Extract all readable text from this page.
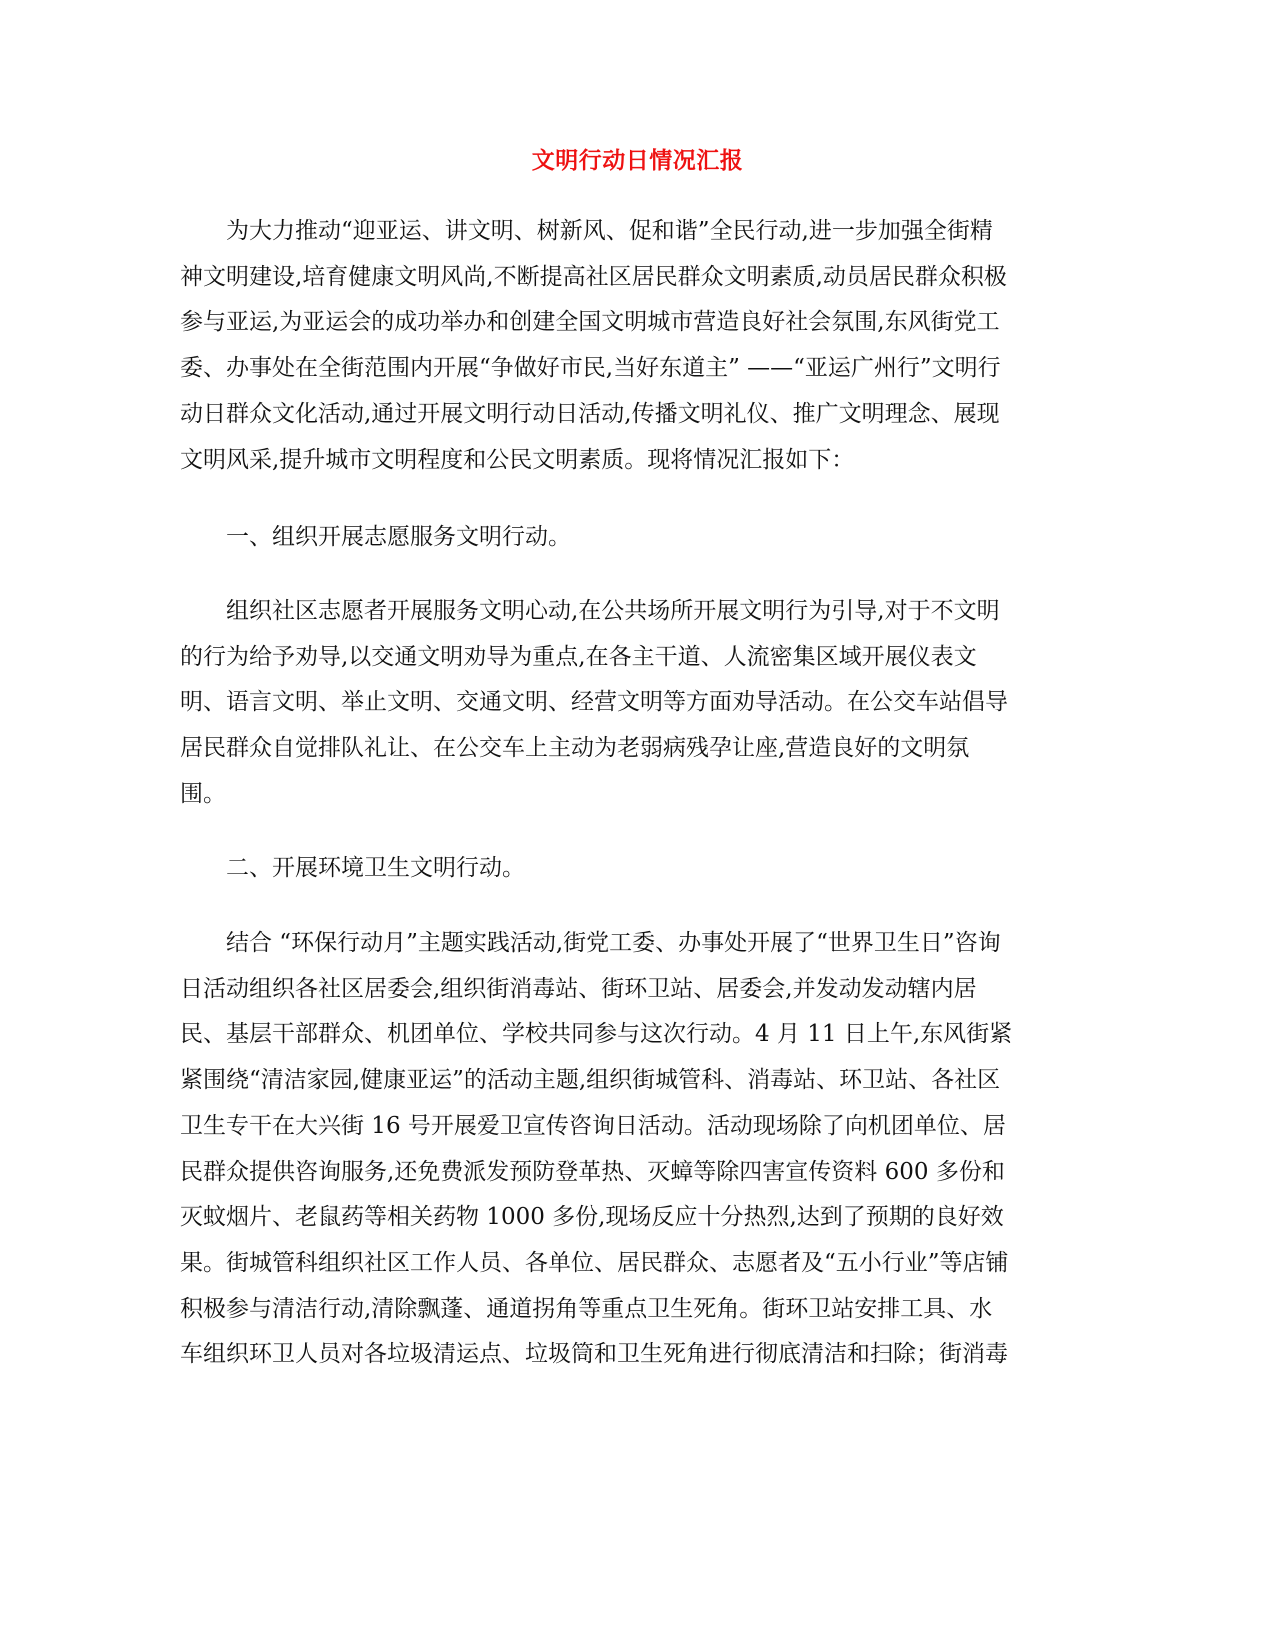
文明行动日情况汇报
为大力推动“迎亚运、讲文明、树新风、促和谐”全民行动,进一步加强全街精
神文明建设,培育健康文明风尚,不断提高社区居民群众文明素质,动员居民群众积极
参与亚运,为亚运会的成功举办和创建全国文明城市营造良好社会氛围,东风街党工
委、办事处在全街范围内开展“争做好市民,当好东道主” ——“亚运广州行”文明行
动日群众文化活动,通过开展文明行动日活动,传播文明礼仪、推广文明理念、展现
文明风采,提升城市文明程度和公民文明素质。现将情况汇报如下：
一、组织开展志愿服务文明行动。
组织社区志愿者开展服务文明心动,在公共场所开展文明行为引导,对于不文明
的行为给予劝导,以交通文明劝导为重点,在各主干道、人流密集区域开展仪表文
明、语言文明、举止文明、交通文明、经营文明等方面劝导活动。在公交车站倡导
居民群众自觉排队礼让、在公交车上主动为老弱病残孕让座,营造良好的文明氛
围。
二、开展环境卫生文明行动。
结合 “环保行动月”主题实践活动,街党工委、办事处开展了“世界卫生日”咨询
日活动组织各社区居委会,组织街消毒站、街环卫站、居委会,并发动发动辖内居
民、基层干部群众、机团单位、学校共同参与这次行动。4 月 11 日上午,东风街紧
紧围绕“清洁家园,健康亚运”的活动主题,组织街城管科、消毒站、环卫站、各社区
卫生专干在大兴街 16 号开展爱卫宣传咨询日活动。活动现场除了向机团单位、居
民群众提供咨询服务,还免费派发预防登革热、灭蟑等除四害宣传资料 600 多份和
灭蚊烟片、老鼠药等相关药物 1000 多份,现场反应十分热烈,达到了预期的良好效
果。街城管科组织社区工作人员、各单位、居民群众、志愿者及“五小行业”等店铺
积极参与清洁行动,清除飘蓬、通道拐角等重点卫生死角。街环卫站安排工具、水
车组织环卫人员对各垃圾清运点、垃圾筒和卫生死角进行彻底清洁和扫除；街消毒
